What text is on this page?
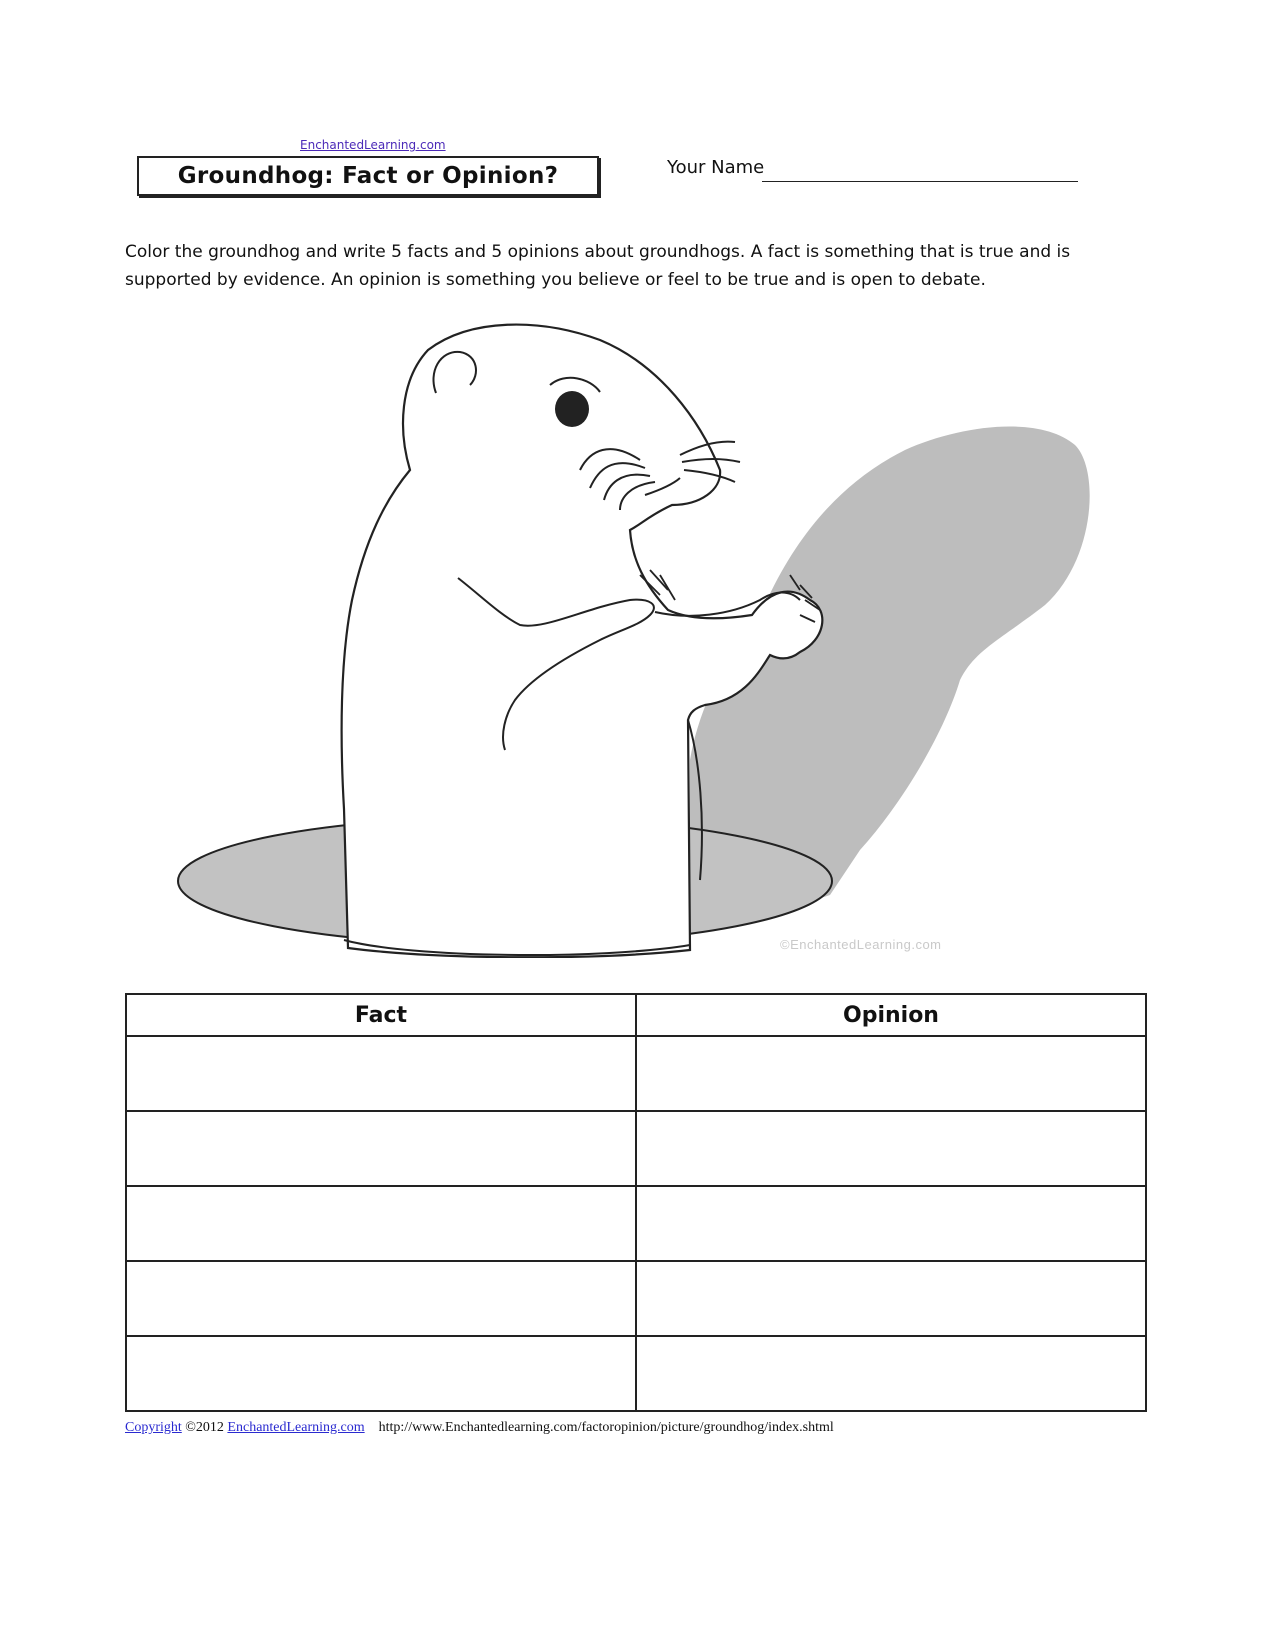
EnchantedLearning.com
Groundhog: Fact or Opinion?	Your Name
Color the groundhog and write 5 facts and 5 opinions about groundhogs. A fact is something that is true and is supported by evidence. An opinion is something you believe or feel to be true and is open to debate.
©EnchantedLearning.com
Fact	Opinion

Copyright ©2012 EnchantedLearning.com http://www.Enchantedlearning.com/factoropinion/picture/groundhog/index.shtml
